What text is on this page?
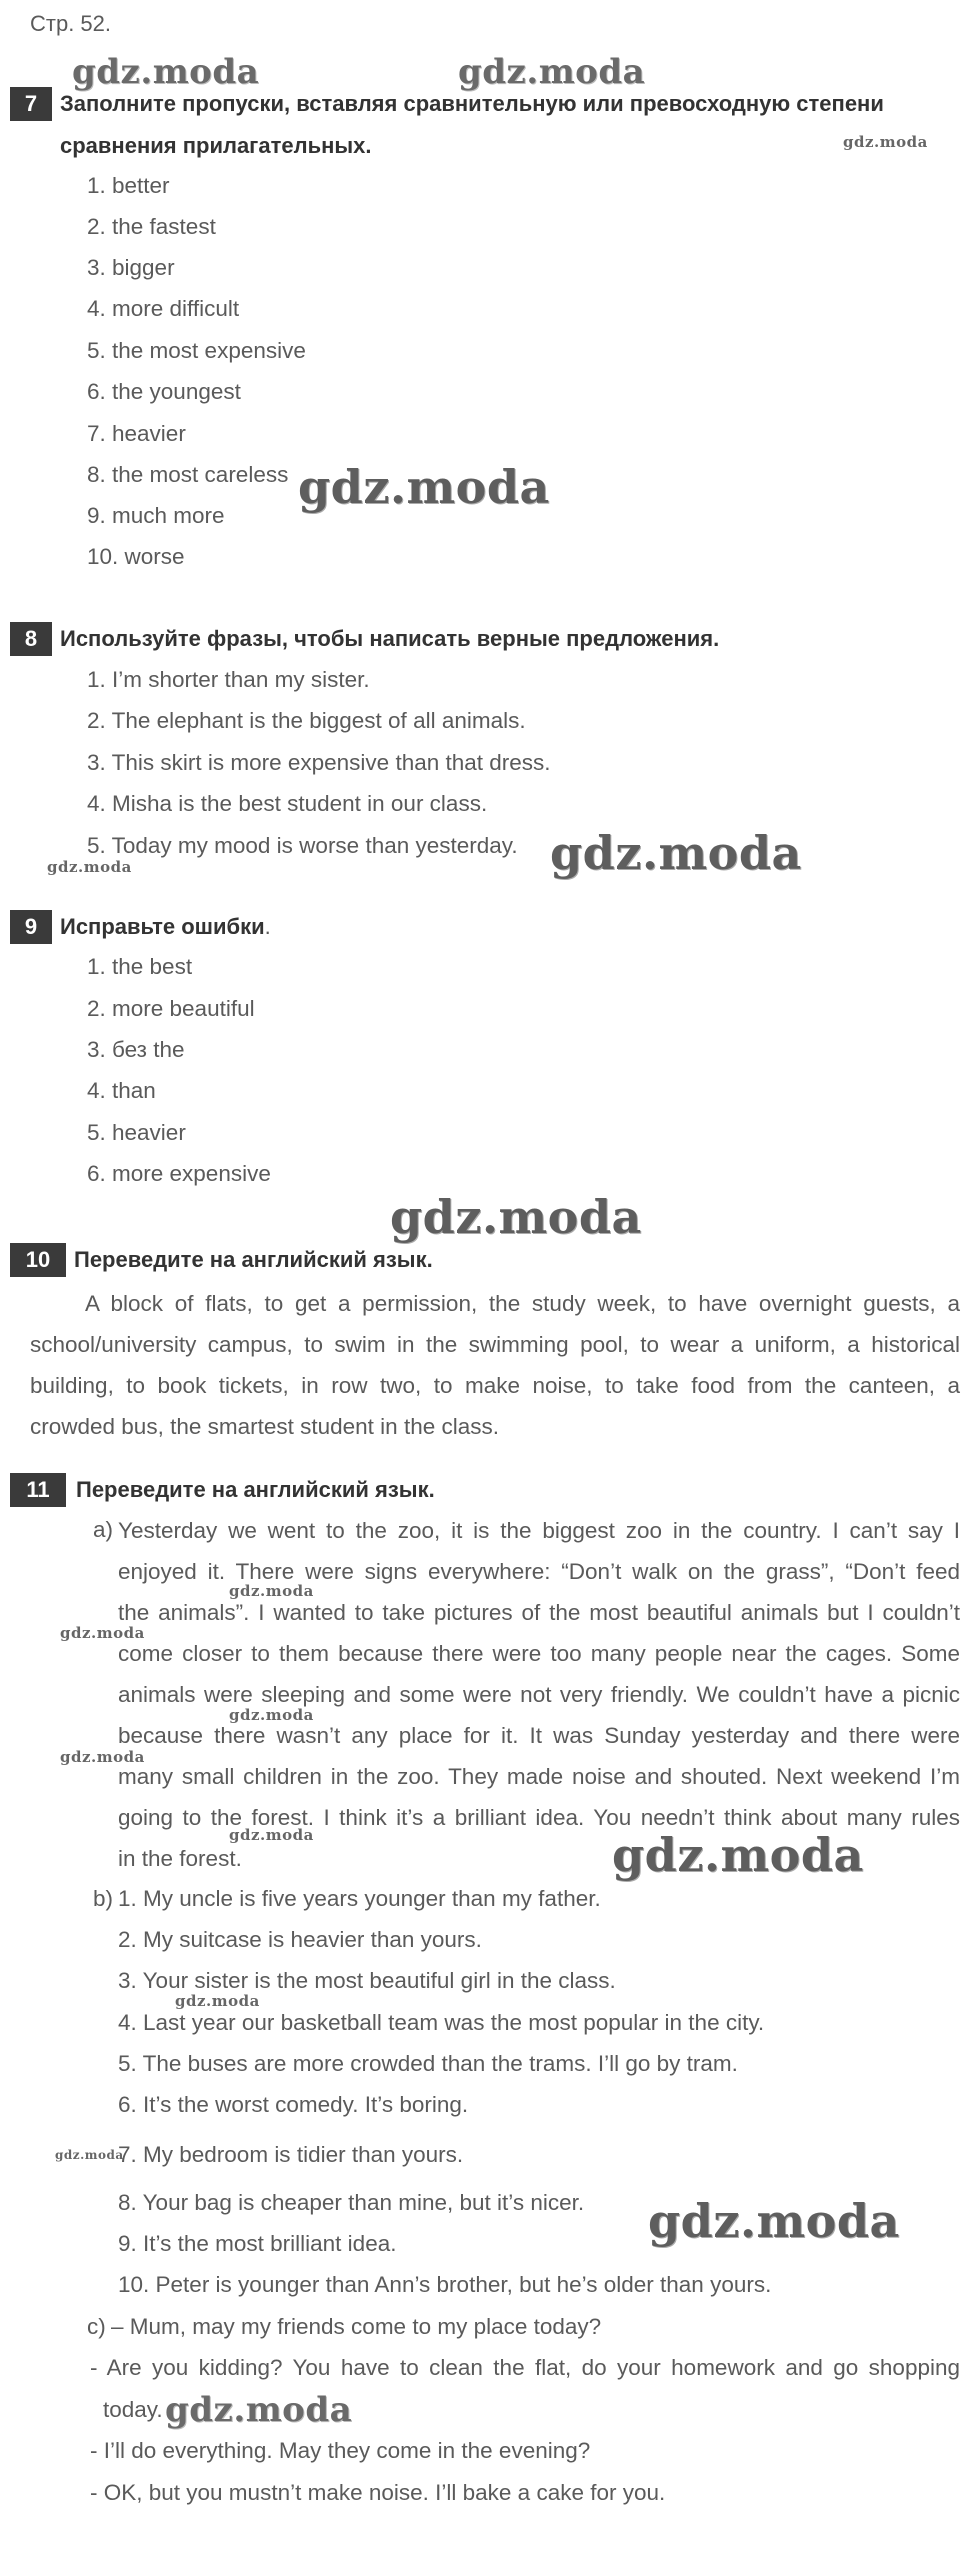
Стр. 52.
7	Заполните пропуски, вставляя сравнительную или превосходную степени
сравнения прилагательных.
1. better
2. the fastest
3. bigger
4. more difficult
5. the most expensive
6. the youngest
7. heavier
8. the most careless
9. much more
10. worse
8	Используйте фразы, чтобы написать верные предложения.
1. I’m shorter than my sister.
2. The elephant is the biggest of all animals.
3. This skirt is more expensive than that dress.
4. Misha is the best student in our class.
5. Today my mood is worse than yesterday.
9	Исправьте ошибки.
1. the best
2. more beautiful
3. без the
4. than
5. heavier
6. more expensive
10	Переведите на английский язык.
A block of flats, to get a permission, the study week, to have overnight guests, a
school/university campus, to swim in the swimming pool, to wear a uniform, a historical
building, to book tickets, in row two, to make noise, to take food from the canteen, a
crowded bus, the smartest student in the class.
11	Переведите на английский язык.
a) Yesterday we went to the zoo, it is the biggest zoo in the country. I can’t say I
enjoyed it. There were signs everywhere: “Don’t walk on the grass”, “Don’t feed
the animals”. I wanted to take pictures of the most beautiful animals but I couldn’t
come closer to them because there were too many people near the cages. Some
animals were sleeping and some were not very friendly. We couldn’t have a picnic
because there wasn’t any place for it. It was Sunday yesterday and there were
many small children in the zoo. They made noise and shouted. Next weekend I’m
going to the forest. I think it’s a brilliant idea. You needn’t think about many rules
in the forest.
b) 1. My uncle is five years younger than my father.
2. My suitcase is heavier than yours.
3. Your sister is the most beautiful girl in the class.
4. Last year our basketball team was the most popular in the city.
5. The buses are more crowded than the trams. I’ll go by tram.
6. It’s the worst comedy. It’s boring.
7. My bedroom is tidier than yours.
8. Your bag is cheaper than mine, but it’s nicer.
9. It’s the most brilliant idea.
10. Peter is younger than Ann’s brother, but he’s older than yours.
c) – Mum, may my friends come to my place today?
- Are you kidding? You have to clean the flat, do your homework and go shopping
today.
- I’ll do everything. May they come in the evening?
- OK, but you mustn’t make noise. I’ll bake a cake for you.
gdz.moda	gdz.moda
gdz.moda
gdz.moda
gdz.moda
gdz.moda
gdz.moda
gdz.moda
gdz.moda
gdz.moda
gdz.moda
gdz.moda	gdz.moda
gdz.moda
gdz.moda
gdz.moda
gdz.moda
